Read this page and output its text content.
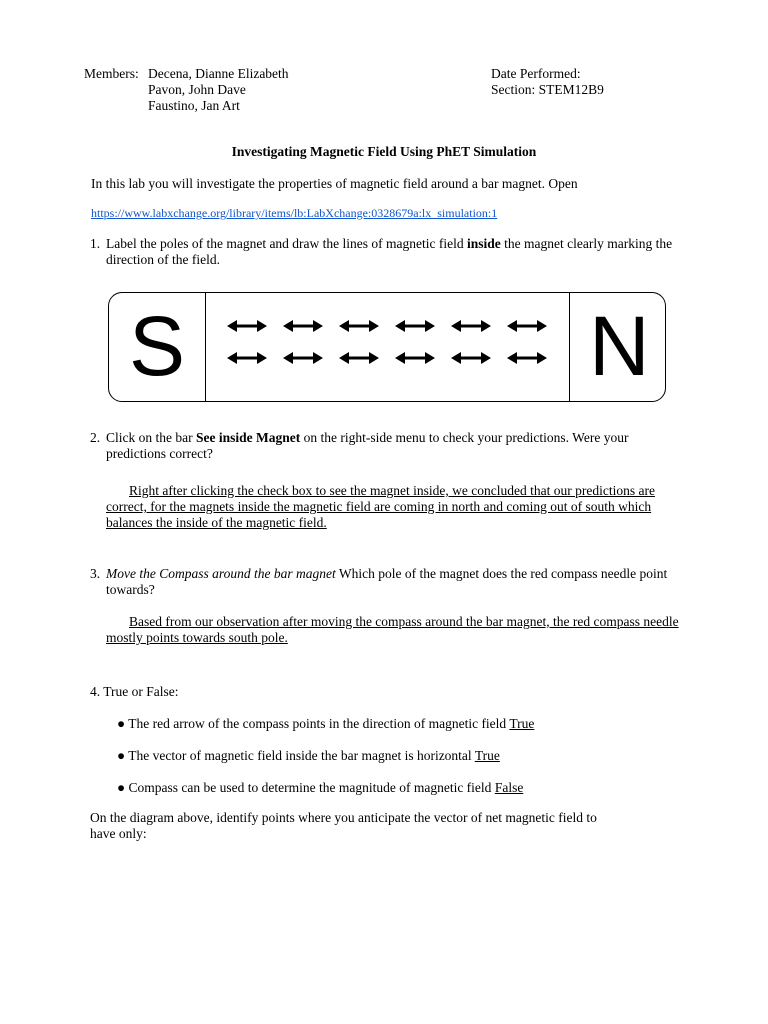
Members: Decena, Dianne Elizabeth
Pavon, John Dave
Faustino, Jan Art
Date Performed:
Section: STEM12B9
Investigating Magnetic Field Using PhET Simulation
In this lab you will investigate the properties of magnetic field around a bar magnet. Open
https://www.labxchange.org/library/items/lb:LabXchange:0328679a:lx_simulation:1
1. Label the poles of the magnet and draw the lines of magnetic field inside the magnet clearly marking the direction of the field.
S	N
2. Click on the bar See inside Magnet on the right-side menu to check your predictions. Were your predictions correct?
Right after clicking the check box to see the magnet inside, we concluded that our predictions are correct, for the magnets inside the magnetic field are coming in north and coming out of south which balances the inside of the magnetic field.
3. Move the Compass around the bar magnet Which pole of the magnet does the red compass needle point towards?
Based from our observation after moving the compass around the bar magnet, the red compass needle mostly points towards south pole.
4. True or False:
● The red arrow of the compass points in the direction of magnetic field True
● The vector of magnetic field inside the bar magnet is horizontal True
● Compass can be used to determine the magnitude of magnetic field False
On the diagram above, identify points where you anticipate the vector of net magnetic field to have only:
